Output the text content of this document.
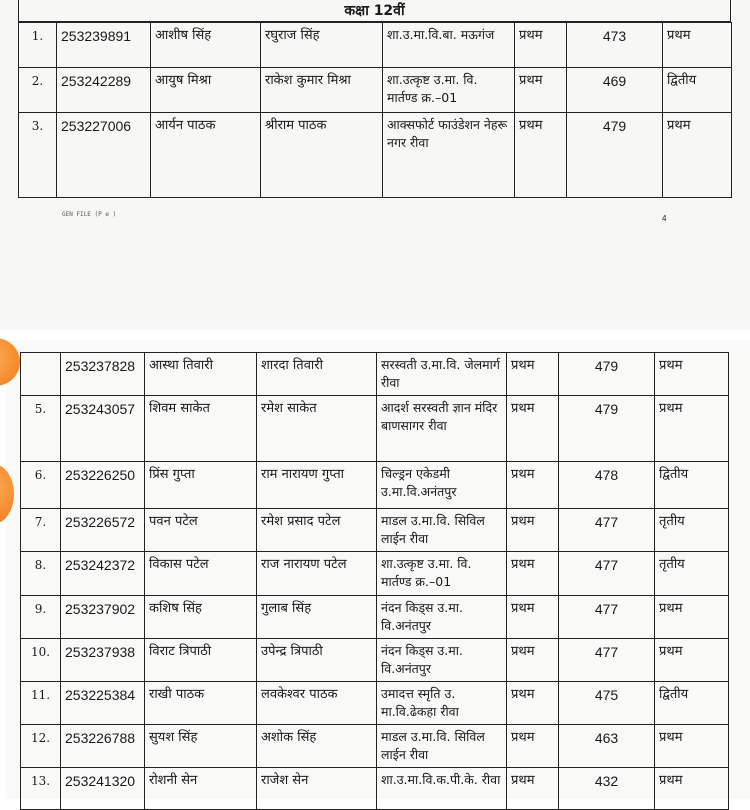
कक्षा 12वीं
1.	253239891	आशीष सिंह	रघुराज सिंह	शा.उ.मा.वि.बा. मऊगंज	प्रथम	473	प्रथम
2.	253242289	आयुष मिश्रा	राकेश कुमार मिश्रा	शा.उत्कृष्ट उ.मा. वि. मार्तण्ड क्र.–01	प्रथम	469	द्वितीय
3.	253227006	आर्यन पाठक	श्रीराम पाठक	आक्सफोर्ट फाउंडेशन नेहरू नगर रीवा	प्रथम	479	प्रथम
GEN FILE (P e )	4
	253237828	आस्था तिवारी	शारदा तिवारी	सरस्वती उ.मा.वि. जेलमार्ग रीवा	प्रथम	479	प्रथम
5.	253243057	शिवम साकेत	रमेश साकेत	आदर्श सरस्वती ज्ञान मंदिर बाणसागर रीवा	प्रथम	479	प्रथम
6.	253226250	प्रिंस गुप्ता	राम नारायण गुप्ता	चिल्ड्रन एकेडमी उ.मा.वि.अनंतपुर	प्रथम	478	द्वितीय
7.	253226572	पवन पटेल	रमेश प्रसाद पटेल	माडल उ.मा.वि. सिविल लाईन रीवा	प्रथम	477	तृतीय
8.	253242372	विकास पटेल	राज नारायण पटेल	शा.उत्कृष्ट उ.मा. वि. मार्तण्ड क्र.–01	प्रथम	477	तृतीय
9.	253237902	कशिष सिंह	गुलाब सिंह	नंदन किड्स उ.मा. वि.अनंतपुर	प्रथम	477	प्रथम
10.	253237938	विराट त्रिपाठी	उपेन्द्र त्रिपाठी	नंदन किड्स उ.मा. वि.अनंतपुर	प्रथम	477	प्रथम
11.	253225384	राखी पाठक	लवकेश्वर पाठक	उमादत्त स्मृति उ. मा.वि.ढेकहा रीवा	प्रथम	475	द्वितीय
12.	253226788	सुयश सिंह	अशोक सिंह	माडल उ.मा.वि. सिविल लाईन रीवा	प्रथम	463	प्रथम
13.	253241320	रोशनी सेन	राजेश सेन	शा.उ.मा.वि.क.पी.के. रीवा	प्रथम	432	प्रथम
